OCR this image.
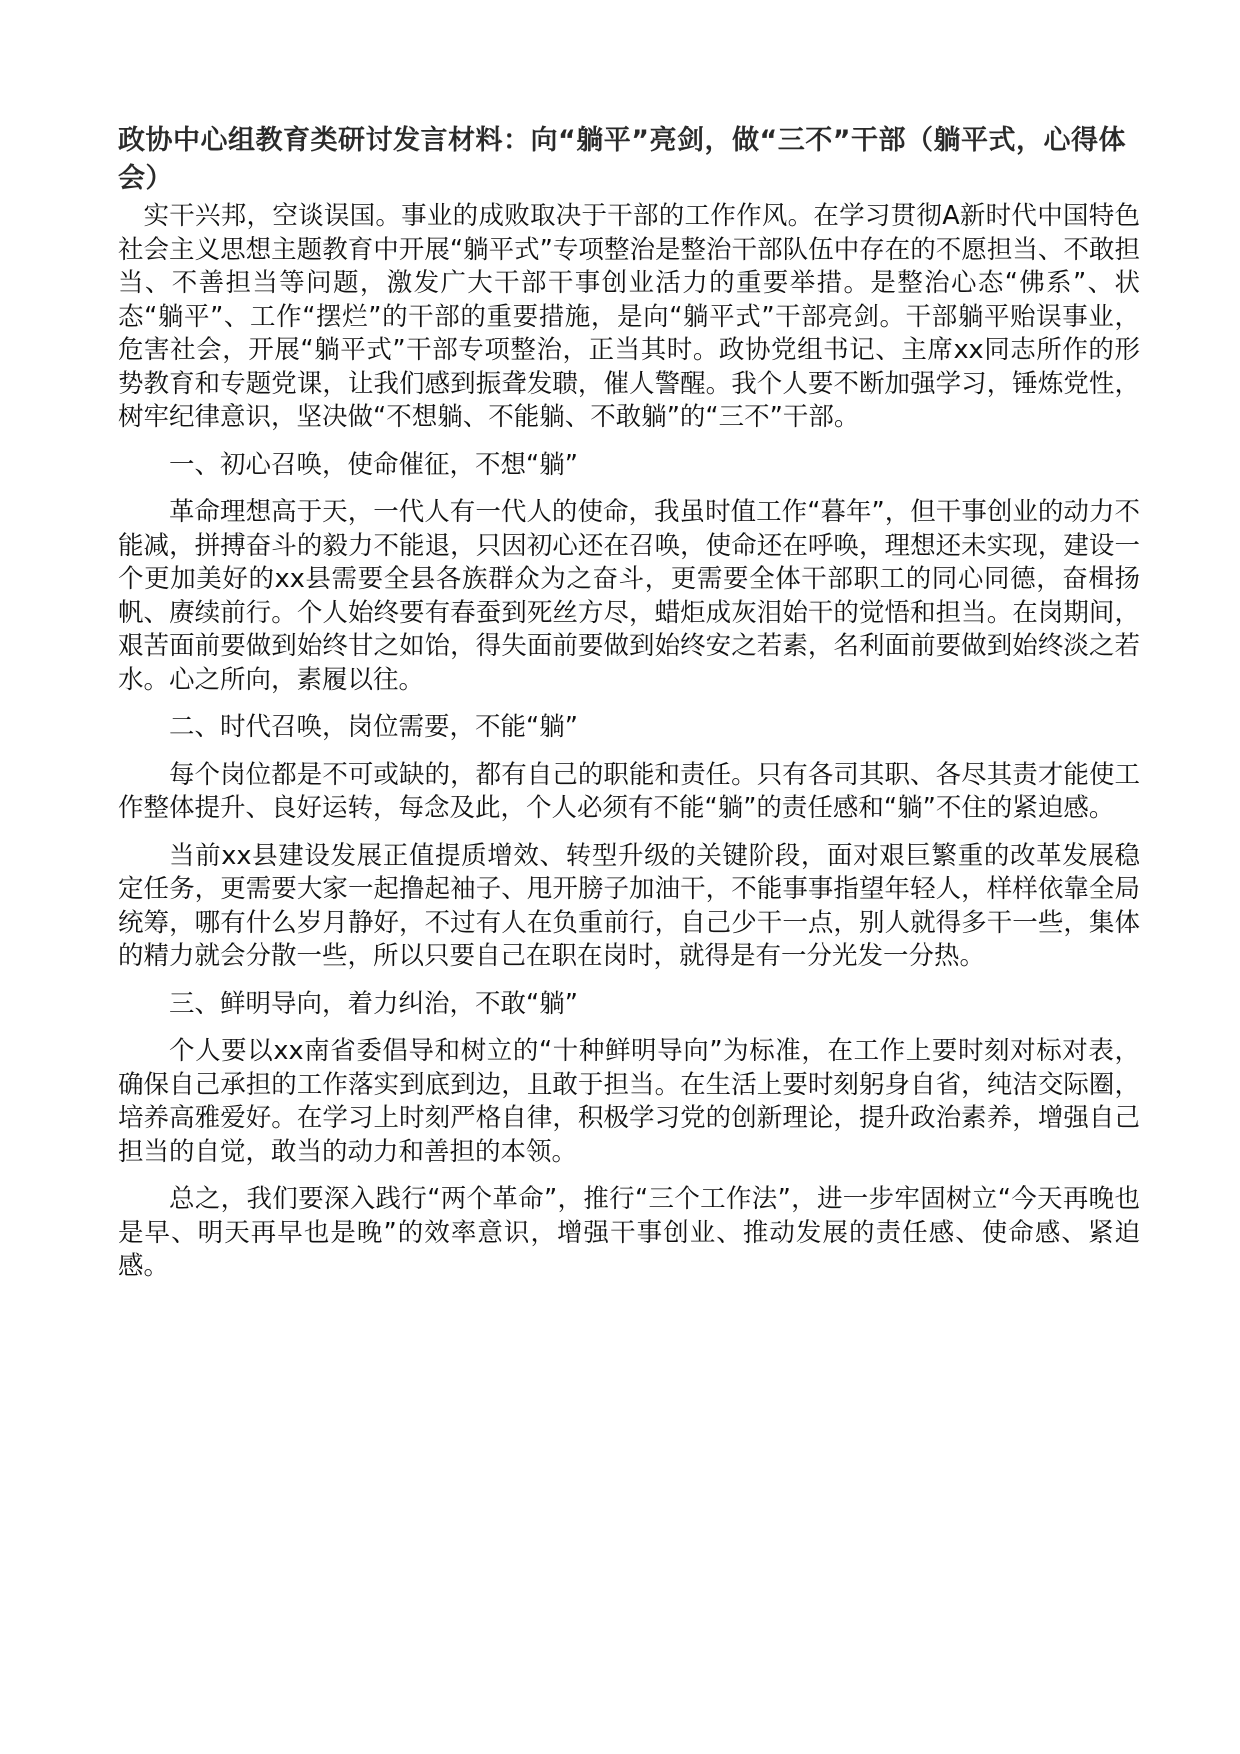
政协中心组教育类研讨发言材料：向“躺平”亮剑，做“三不”干部（躺平式，心得体会）

实干兴邦，空谈误国。事业的成败取决于干部的工作作风。在学习贯彻A新时代中国特色社会主义思想主题教育中开展“躺平式”专项整治是整治干部队伍中存在的不愿担当、不敢担当、不善担当等问题，激发广大干部干事创业活力的重要举措。是整治心态“佛系”、状态“躺平”、工作“摆烂”的干部的重要措施，是向“躺平式”干部亮剑。干部躺平贻误事业，危害社会，开展“躺平式”干部专项整治，正当其时。政协党组书记、主席xx同志所作的形势教育和专题党课，让我们感到振聋发聩，催人警醒。我个人要不断加强学习，锤炼党性，树牢纪律意识，坚决做“不想躺、不能躺、不敢躺”的“三不”干部。

一、初心召唤，使命催征，不想“躺”

革命理想高于天，一代人有一代人的使命，我虽时值工作“暮年”，但干事创业的动力不能减，拼搏奋斗的毅力不能退，只因初心还在召唤，使命还在呼唤，理想还未实现，建设一个更加美好的xx县需要全县各族群众为之奋斗，更需要全体干部职工的同心同德，奋楫扬帆、赓续前行。个人始终要有春蚕到死丝方尽，蜡炬成灰泪始干的觉悟和担当。在岗期间，艰苦面前要做到始终甘之如饴，得失面前要做到始终安之若素，名利面前要做到始终淡之若水。心之所向，素履以往。

二、时代召唤，岗位需要，不能“躺”

每个岗位都是不可或缺的，都有自己的职能和责任。只有各司其职、各尽其责才能使工作整体提升、良好运转，每念及此，个人必须有不能“躺”的责任感和“躺”不住的紧迫感。

当前xx县建设发展正值提质增效、转型升级的关键阶段，面对艰巨繁重的改革发展稳定任务，更需要大家一起撸起袖子、甩开膀子加油干，不能事事指望年轻人，样样依靠全局统筹，哪有什么岁月静好，不过有人在负重前行，自己少干一点，别人就得多干一些，集体的精力就会分散一些，所以只要自己在职在岗时，就得是有一分光发一分热。

三、鲜明导向，着力纠治，不敢“躺”

个人要以xx南省委倡导和树立的“十种鲜明导向”为标准，在工作上要时刻对标对表，确保自己承担的工作落实到底到边，且敢于担当。在生活上要时刻躬身自省，纯洁交际圈，培养高雅爱好。在学习上时刻严格自律，积极学习党的创新理论，提升政治素养，增强自己担当的自觉，敢当的动力和善担的本领。

总之，我们要深入践行“两个革命”，推行“三个工作法”，进一步牢固树立“今天再晚也是早、明天再早也是晚”的效率意识，增强干事创业、推动发展的责任感、使命感、紧迫感。
